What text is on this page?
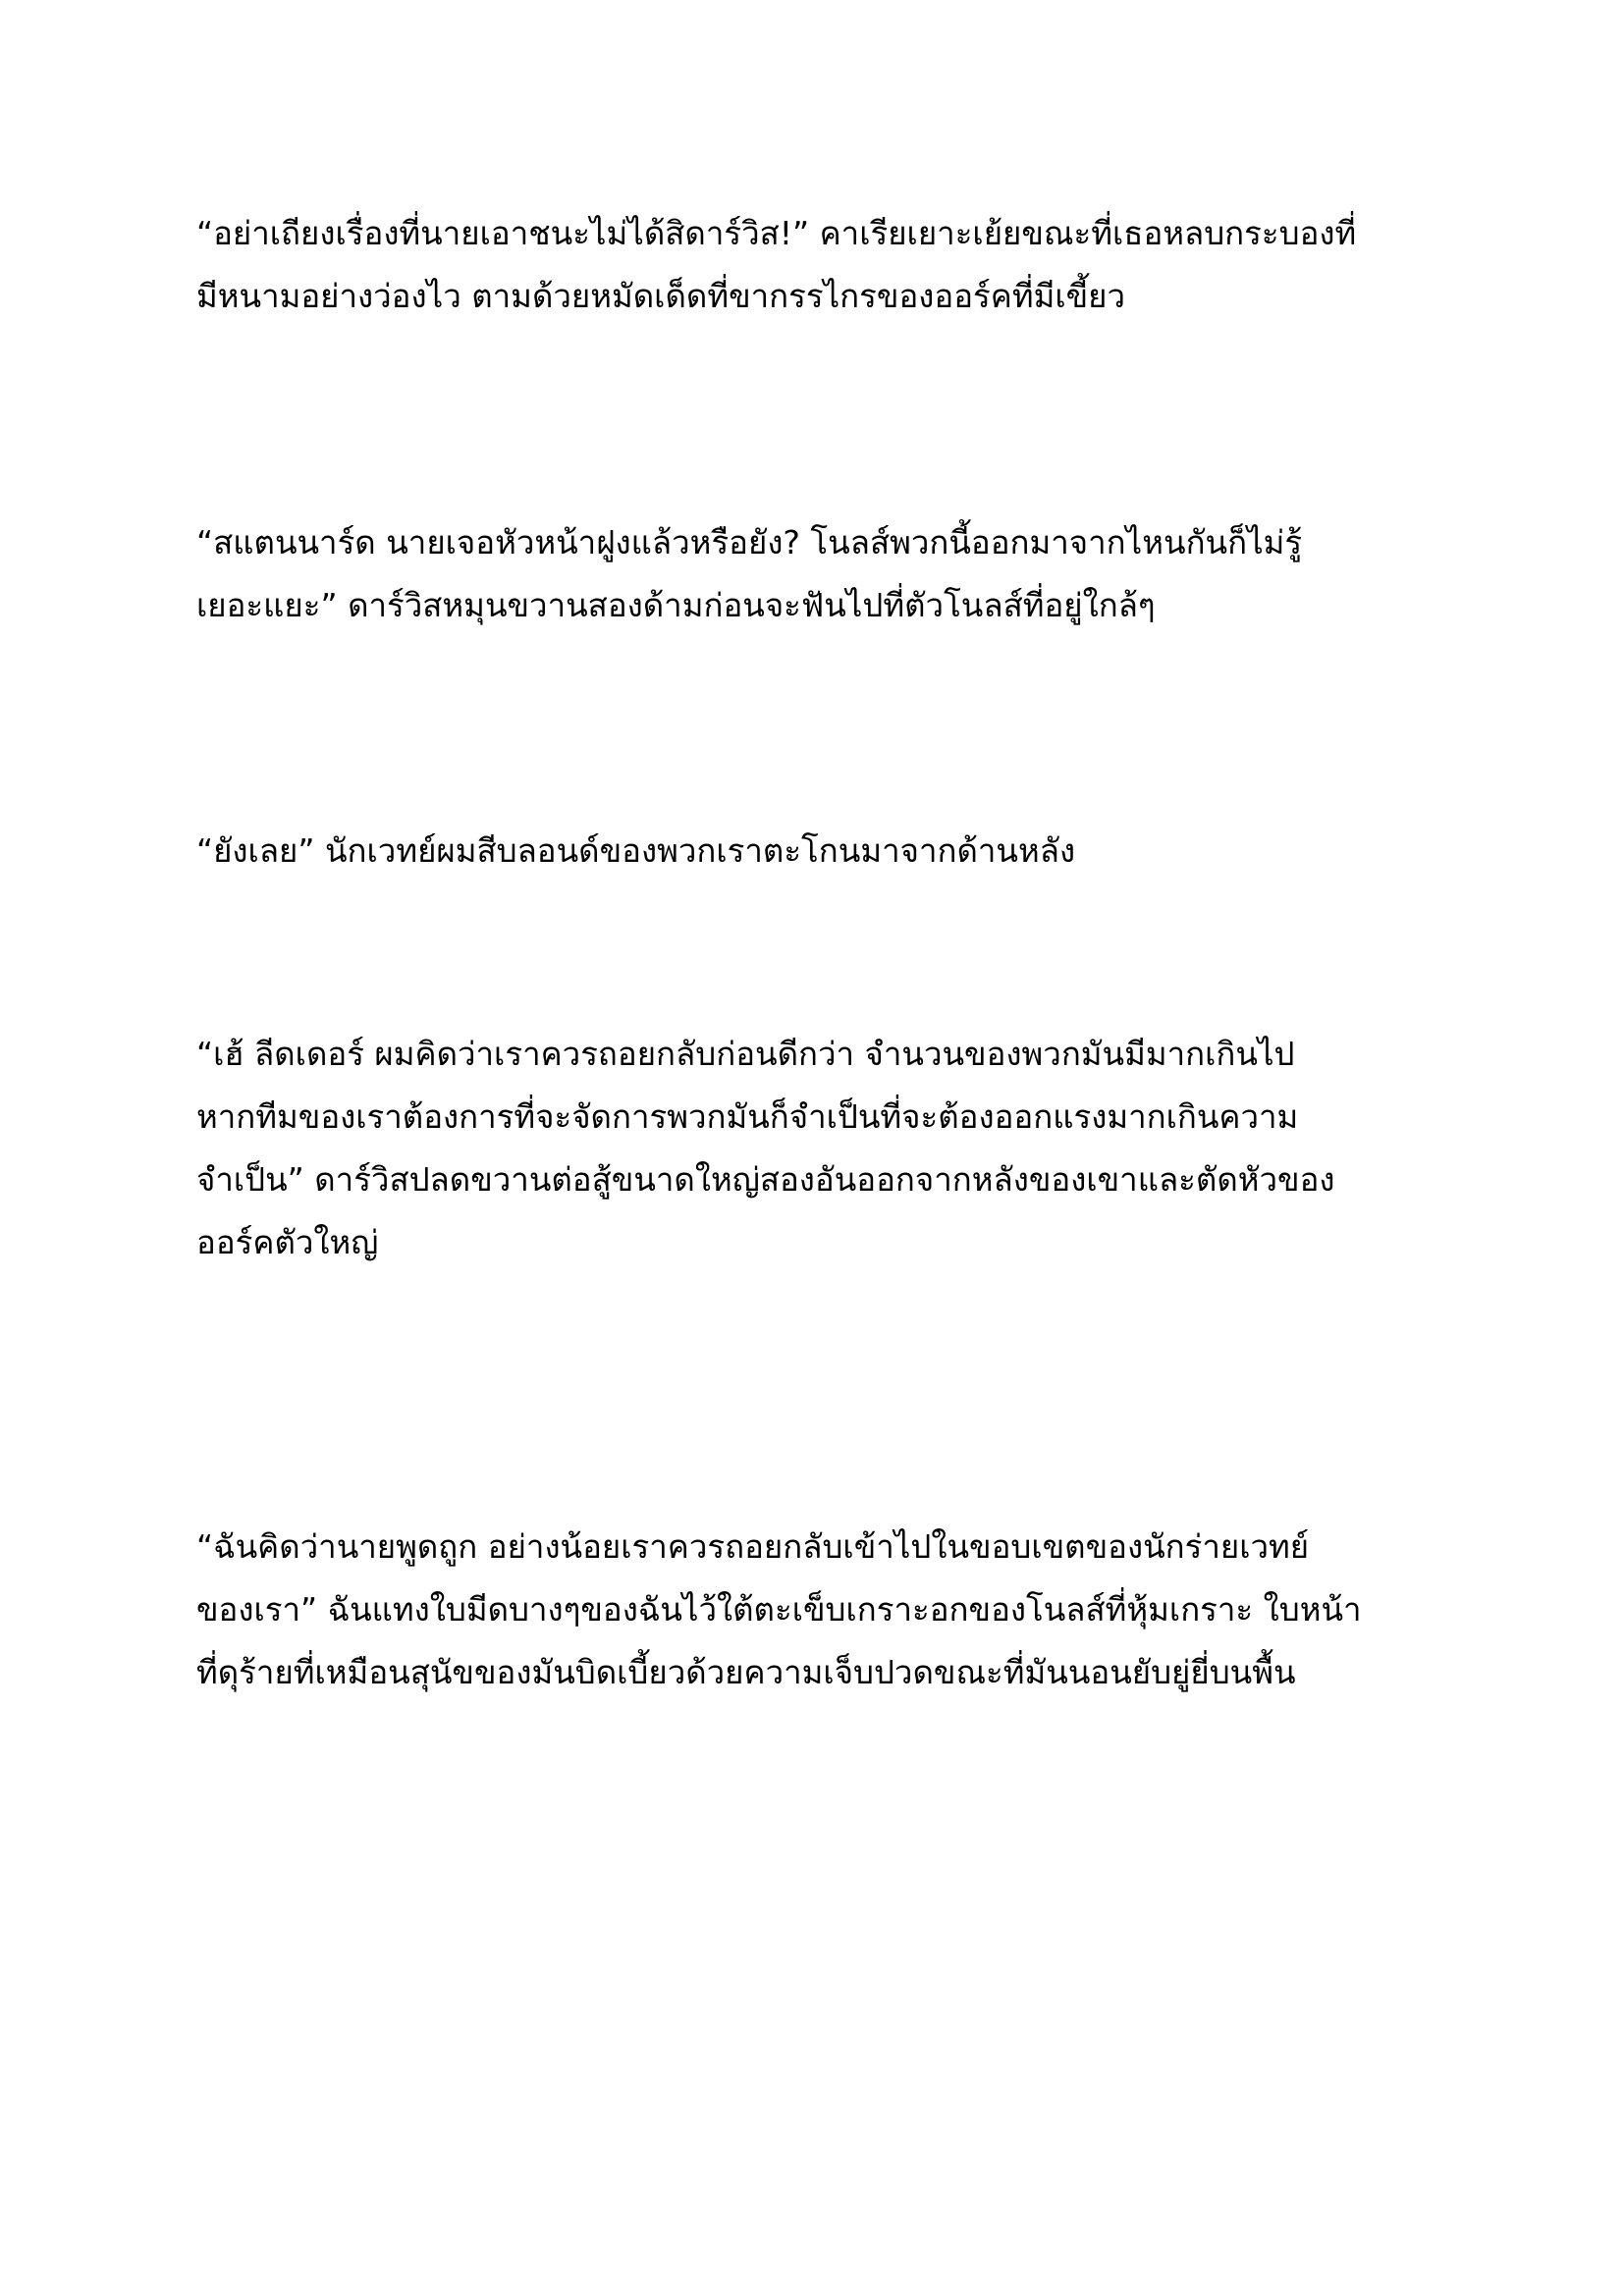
“อย่าเถียงเรื่องที่นายเอาชนะไม่ได้สิดาร์วิส!” คาเรียเยาะเย้ยขณะที่เธอหลบกระบองที่
มีหนามอย่างว่องไว ตามด้วยหมัดเด็ดที่ขากรรไกรของออร์คที่มีเขี้ยว
“สแตนนาร์ด นายเจอหัวหน้าฝูงแล้วหรือยัง? โนลส์พวกนี้ออกมาจากไหนกันก็ไม่รู้
เยอะแยะ” ดาร์วิสหมุนขวานสองด้ามก่อนจะฟันไปที่ตัวโนลส์ที่อยู่ใกล้ๆ
“ยังเลย” นักเวทย์ผมสีบลอนด์ของพวกเราตะโกนมาจากด้านหลัง
“เฮ้ ลีดเดอร์ ผมคิดว่าเราควรถอยกลับก่อนดีกว่า จำนวนของพวกมันมีมากเกินไป
หากทีมของเราต้องการที่จะจัดการพวกมันก็จำเป็นที่จะต้องออกแรงมากเกินความ
จำเป็น” ดาร์วิสปลดขวานต่อสู้ขนาดใหญ่สองอันออกจากหลังของเขาและตัดหัวของ
ออร์คตัวใหญ่
“ฉันคิดว่านายพูดถูก อย่างน้อยเราควรถอยกลับเข้าไปในขอบเขตของนักร่ายเวทย์
ของเรา” ฉันแทงใบมีดบางๆของฉันไว้ใต้ตะเข็บเกราะอกของโนลส์ที่หุ้มเกราะ ใบหน้า
ที่ดุร้ายที่เหมือนสุนัขของมันบิดเบี้ยวด้วยความเจ็บปวดขณะที่มันนอนยับยู่ยี่บนพื้น
